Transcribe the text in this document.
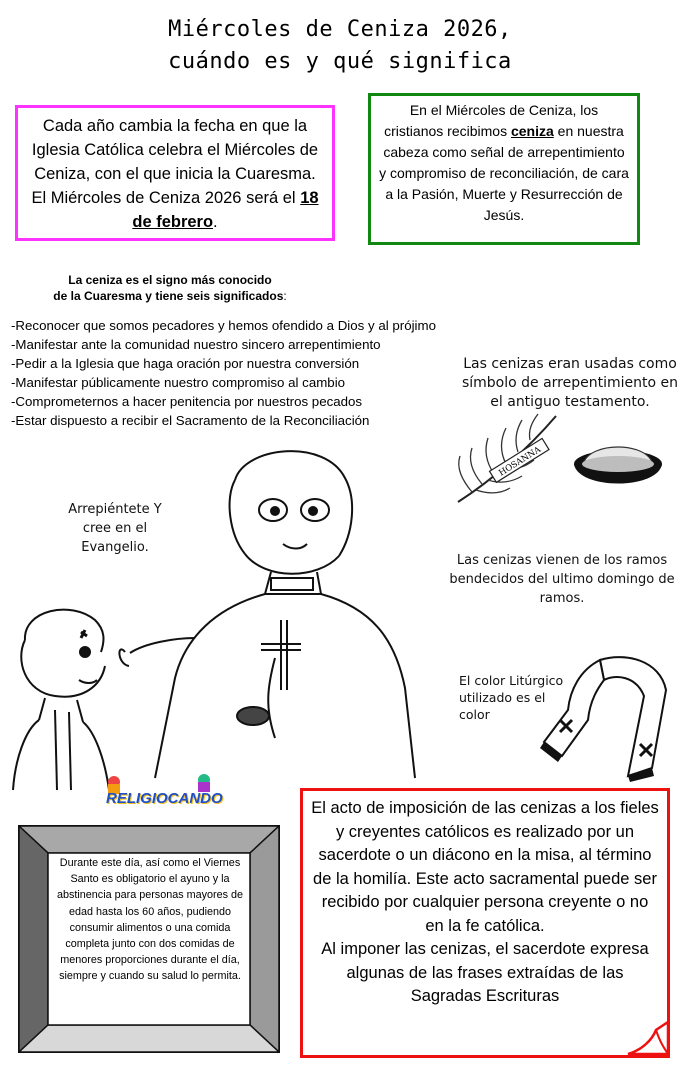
Miércoles de Ceniza 2026,
cuándo es y qué significa
Cada año cambia la fecha en que la Iglesia Católica celebra el Miércoles de Ceniza, con el que inicia la Cuaresma. El Miércoles de Ceniza 2026 será el 18 de febrero.
En el Miércoles de Ceniza, los cristianos recibimos ceniza en nuestra cabeza como señal de arrepentimiento y compromiso de reconciliación, de cara a la Pasión, Muerte y Resurrección de Jesús.
La ceniza es el signo más conocido
de la Cuaresma y tiene seis significados:
-Reconocer que somos pecadores y hemos ofendido a Dios y al prójimo
-Manifestar ante la comunidad nuestro sincero arrepentimiento
-Pedir a la Iglesia que haga oración por nuestra conversión
-Manifestar públicamente nuestro compromiso al cambio
-Comprometernos a hacer penitencia por nuestros pecados
-Estar dispuesto a recibir el Sacramento de la Reconciliación
Las cenizas eran usadas como símbolo de arrepentimiento en el antiguo testamento.
HOSANNA
Las cenizas vienen de los ramos bendecidos del ultimo domingo de ramos.
El color Litúrgico utilizado es el color
Arrepiéntete Y cree en el Evangelio.
RELIGIOCANDO
Durante este día, así como el Viernes Santo es obligatorio el ayuno y la abstinencia para personas mayores de edad hasta los 60 años, pudiendo consumir alimentos o una comida completa junto con dos comidas de menores proporciones durante el día, siempre y cuando su salud lo permita.
El acto de imposición de las cenizas a los fieles y creyentes católicos es realizado por un sacerdote o un diácono en la misa, al término de la homilía. Este acto sacramental puede ser recibido por cualquier persona creyente o no en la fe católica.
Al imponer las cenizas, el sacerdote expresa algunas de las frases extraídas de las Sagradas Escrituras
